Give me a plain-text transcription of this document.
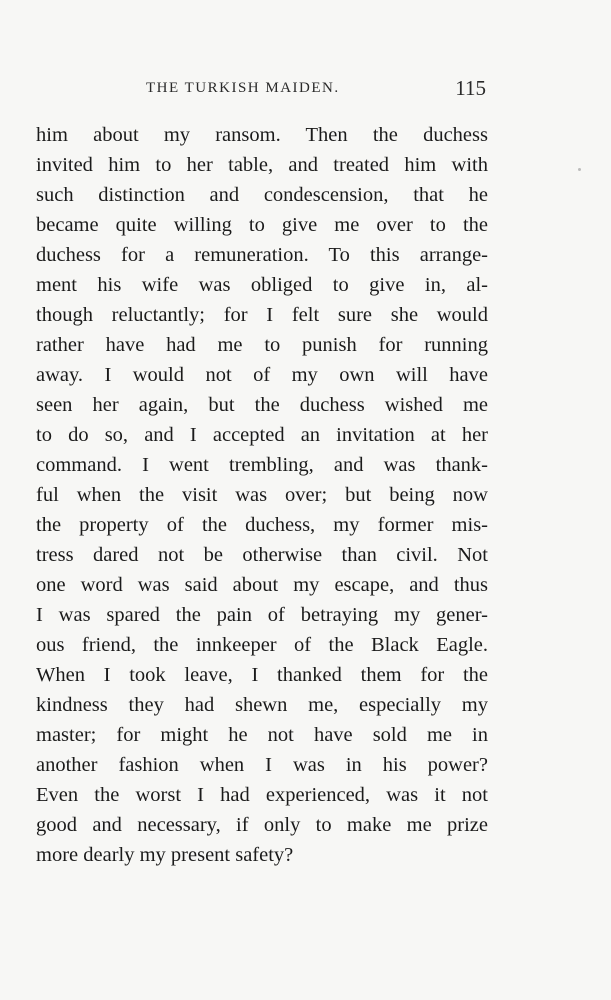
THE TURKISH MAIDEN.	115
him about my ransom. Then the duchess
invited him to her table, and treated him with
such distinction and condescension, that he
became quite willing to give me over to the
duchess for a remuneration. To this arrange-
ment his wife was obliged to give in, al-
though reluctantly; for I felt sure she would
rather have had me to punish for running
away. I would not of my own will have
seen her again, but the duchess wished me
to do so, and I accepted an invitation at her
command. I went trembling, and was thank-
ful when the visit was over; but being now
the property of the duchess, my former mis-
tress dared not be otherwise than civil. Not
one word was said about my escape, and thus
I was spared the pain of betraying my gener-
ous friend, the innkeeper of the Black Eagle.
When I took leave, I thanked them for the
kindness they had shewn me, especially my
master; for might he not have sold me in
another fashion when I was in his power?
Even the worst I had experienced, was it not
good and necessary, if only to make me prize
more dearly my present safety?
